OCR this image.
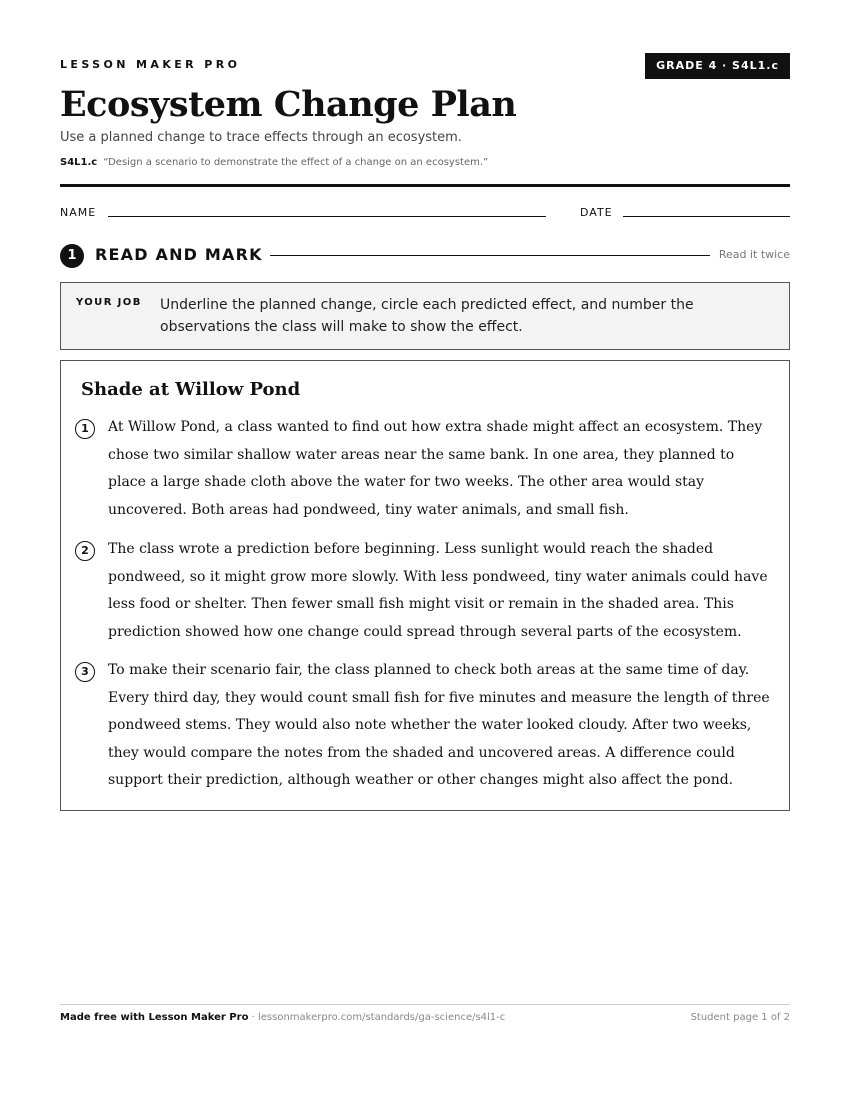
LESSON MAKER PRO	GRADE 4 · S4L1.c
Ecosystem Change Plan
Use a planned change to trace effects through an ecosystem.
S4L1.c “Design a scenario to demonstrate the effect of a change on an ecosystem.”
NAME	DATE
1	READ AND MARK	Read it twice
YOUR JOB Underline the planned change, circle each predicted effect, and number the observations the class will make to show the effect.
Shade at Willow Pond
1	At Willow Pond, a class wanted to find out how extra shade might affect an ecosystem. They chose two similar shallow water areas near the same bank. In one area, they planned to place a large shade cloth above the water for two weeks. The other area would stay uncovered. Both areas had pondweed, tiny water animals, and small fish.
2	The class wrote a prediction before beginning. Less sunlight would reach the shaded pondweed, so it might grow more slowly. With less pondweed, tiny water animals could have less food or shelter. Then fewer small fish might visit or remain in the shaded area. This prediction showed how one change could spread through several parts of the ecosystem.
3	To make their scenario fair, the class planned to check both areas at the same time of day. Every third day, they would count small fish for five minutes and measure the length of three pondweed stems. They would also note whether the water looked cloudy. After two weeks, they would compare the notes from the shaded and uncovered areas. A difference could support their prediction, although weather or other changes might also affect the pond.
Made free with Lesson Maker Pro · lessonmakerpro.com/standards/ga-science/s4l1-c	Student page 1 of 2
